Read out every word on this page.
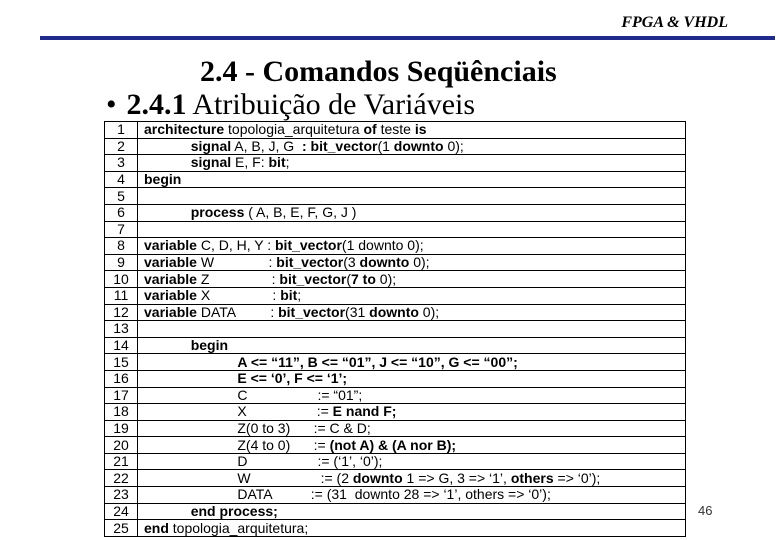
FPGA & VHDL
2.4 - Comandos Seqüênciais
• 2.4.1 Atribuição de Variáveis
1	architecture topologia_arquitetura of teste is
2	signal A, B, J, G  : bit_vector(1 downto 0);
3	signal E, F: bit;
4	begin
5	
6	process ( A, B, E, F, G, J )
7	
8	variable C, D, H, Y : bit_vector(1 downto 0);
9	variable W              : bit_vector(3 downto 0);
10	variable Z                : bit_vector(7 to 0);
11	variable X                : bit;
12	variable DATA         : bit_vector(31 downto 0);
13	
14	begin
15	A <= “11”, B <= “01”, J <= “10”, G <= “00”;
16	E <= ‘0’, F <= ‘1’;
17	C                  := “01”;
18	X                  := E nand F;
19	Z(0 to 3)      := C & D;
20	Z(4 to 0)      := (not A) & (A nor B);
21	D                  := (‘1’, ‘0’);
22	W                  := (2 downto 1 => G, 3 => ‘1’, others => ‘0’);
23	DATA          := (31  downto 28 => ‘1’, others => ‘0’);
24	end process;
25	end topologia_arquitetura;
46
